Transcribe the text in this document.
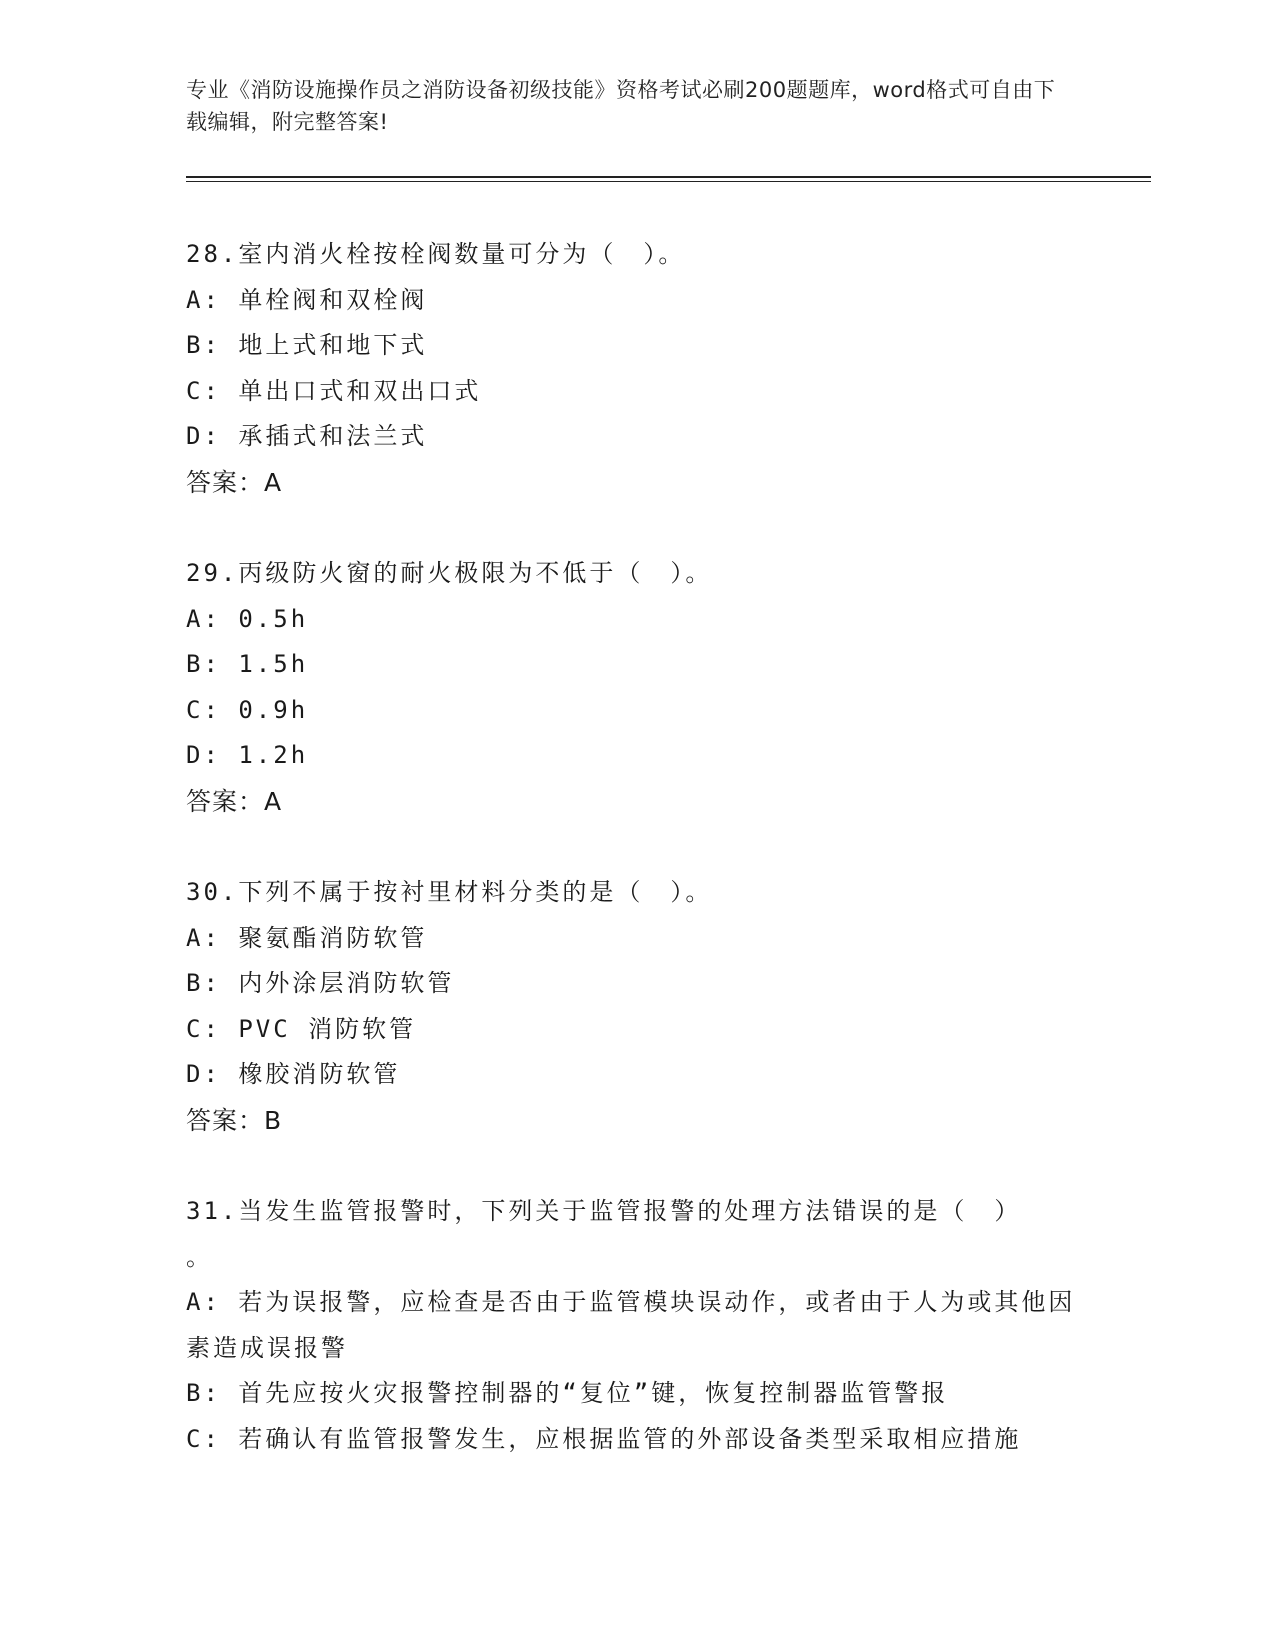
专业《消防设施操作员之消防设备初级技能》资格考试必刷200题题库，word格式可自由下载编辑，附完整答案!
28.室内消火栓按栓阀数量可分为（　）。
A: 单栓阀和双栓阀
B: 地上式和地下式
C: 单出口式和双出口式
D: 承插式和法兰式
答案：A
29.丙级防火窗的耐火极限为不低于（　）。
A: 0.5h
B: 1.5h
C: 0.9h
D: 1.2h
答案：A
30.下列不属于按衬里材料分类的是（　）。
A: 聚氨酯消防软管
B: 内外涂层消防软管
C: PVC 消防软管
D: 橡胶消防软管
答案：B
31.当发生监管报警时，下列关于监管报警的处理方法错误的是（　）
。
A: 若为误报警，应检查是否由于监管模块误动作，或者由于人为或其他因素造成误报警
B: 首先应按火灾报警控制器的“复位”键，恢复控制器监管警报
C: 若确认有监管报警发生，应根据监管的外部设备类型采取相应措施
